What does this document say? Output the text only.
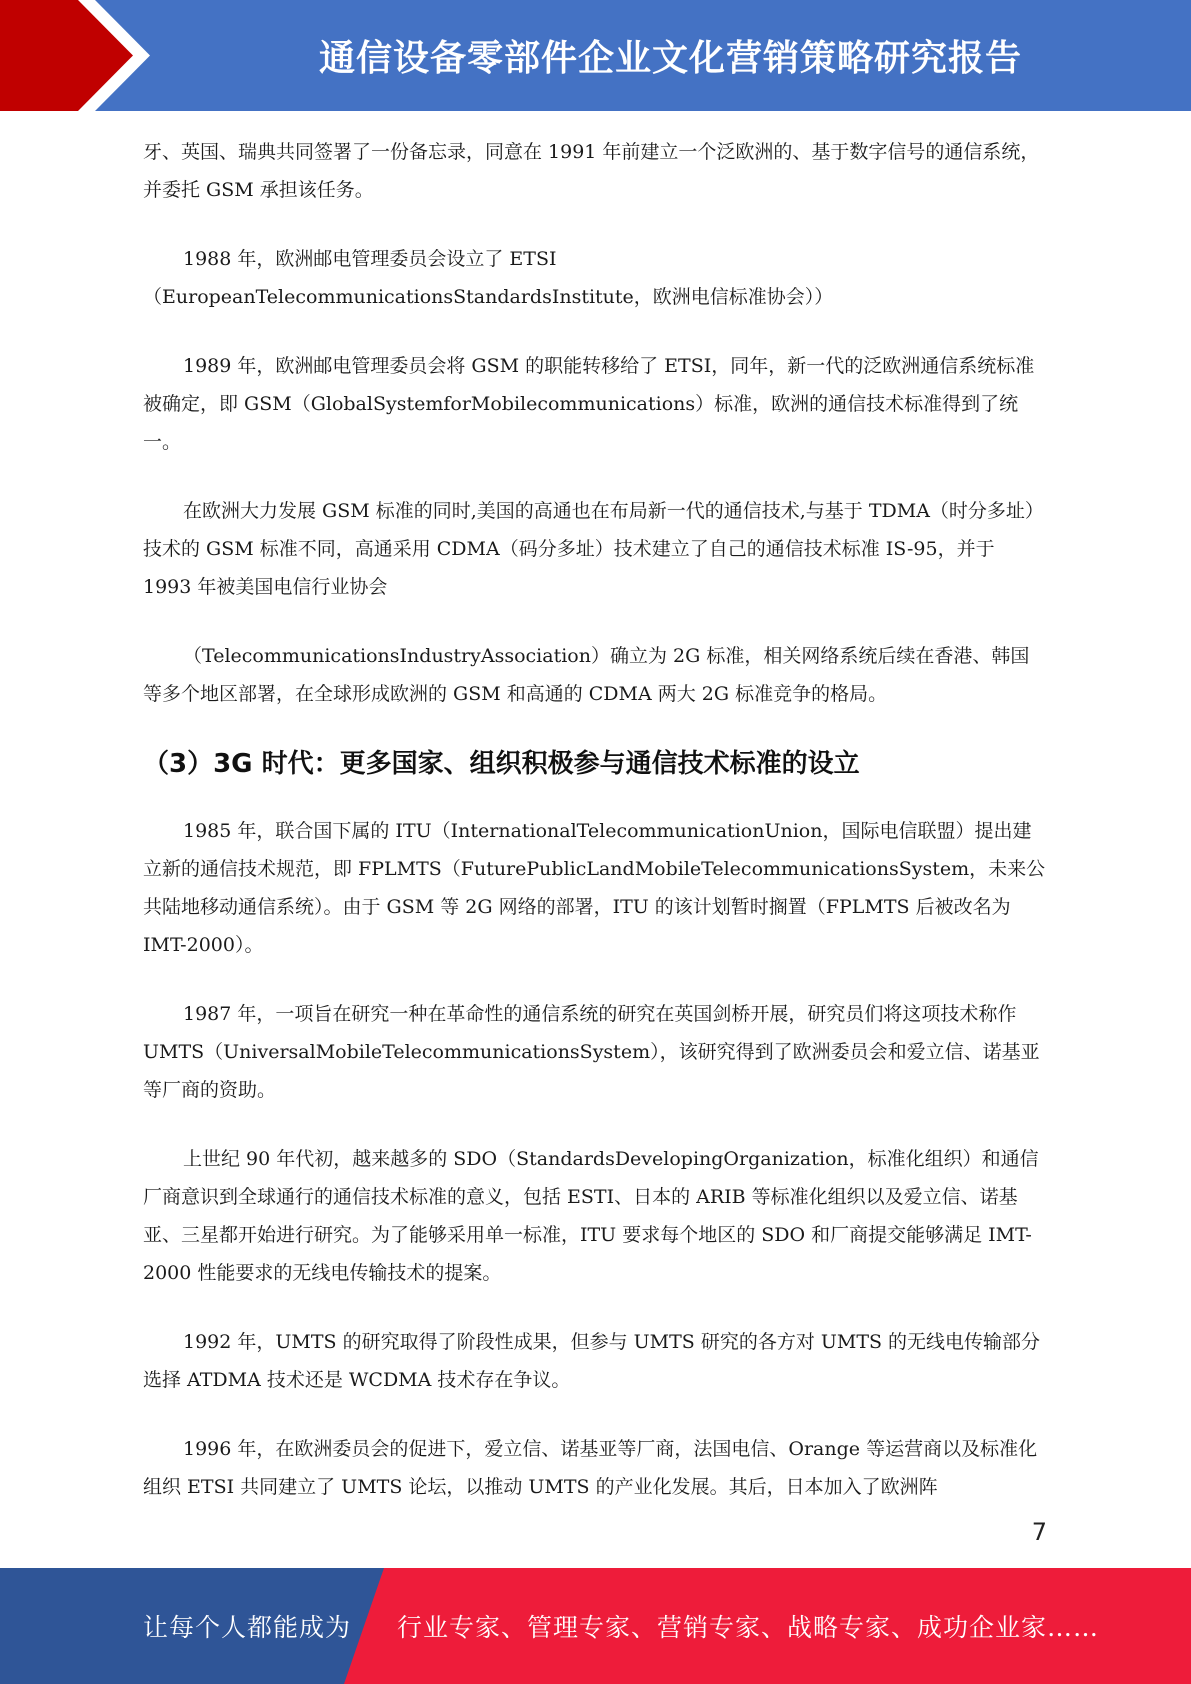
通信设备零部件企业文化营销策略研究报告

牙、英国、瑞典共同签署了一份备忘录，同意在 1991 年前建立一个泛欧洲的、基于数字信号的通信系统，并委托 GSM 承担该任务。

1988 年，欧洲邮电管理委员会设立了 ETSI （EuropeanTelecommunicationsStandardsInstitute，欧洲电信标准协会））

1989 年，欧洲邮电管理委员会将 GSM 的职能转移给了 ETSI，同年，新一代的泛欧洲通信系统标准被确定，即 GSM（GlobalSystemforMobilecommunications）标准，欧洲的通信技术标准得到了统一。

在欧洲大力发展 GSM 标准的同时,美国的高通也在布局新一代的通信技术,与基于 TDMA（时分多址）技术的 GSM 标准不同，高通采用 CDMA（码分多址）技术建立了自己的通信技术标准 IS-95，并于 1993 年被美国电信行业协会

（TelecommunicationsIndustryAssociation）确立为 2G 标准，相关网络系统后续在香港、韩国等多个地区部署，在全球形成欧洲的 GSM 和高通的 CDMA 两大 2G 标准竞争的格局。

（3）3G 时代：更多国家、组织积极参与通信技术标准的设立

1985 年，联合国下属的 ITU（InternationalTelecommunicationUnion，国际电信联盟）提出建立新的通信技术规范，即 FPLMTS（FuturePublicLandMobileTelecommunicationsSystem，未来公共陆地移动通信系统）。由于 GSM 等 2G 网络的部署，ITU 的该计划暂时搁置（FPLMTS 后被改名为 IMT-2000）。

1987 年，一项旨在研究一种在革命性的通信系统的研究在英国剑桥开展，研究员们将这项技术称作 UMTS（UniversalMobileTelecommunicationsSystem），该研究得到了欧洲委员会和爱立信、诺基亚等厂商的资助。

上世纪 90 年代初，越来越多的 SDO（StandardsDevelopingOrganization，标准化组织）和通信厂商意识到全球通行的通信技术标准的意义，包括 ESTI、日本的 ARIB 等标准化组织以及爱立信、诺基亚、三星都开始进行研究。为了能够采用单一标准，ITU 要求每个地区的 SDO 和厂商提交能够满足 IMT-2000 性能要求的无线电传输技术的提案。

1992 年，UMTS 的研究取得了阶段性成果，但参与 UMTS 研究的各方对 UMTS 的无线电传输部分选择 ATDMA 技术还是 WCDMA 技术存在争议。

1996 年，在欧洲委员会的促进下，爱立信、诺基亚等厂商，法国电信、Orange 等运营商以及标准化组织 ETSI 共同建立了 UMTS 论坛，以推动 UMTS 的产业化发展。其后，日本加入了欧洲阵

7
让每个人都能成为 行业专家、管理专家、营销专家、战略专家、成功企业家……
